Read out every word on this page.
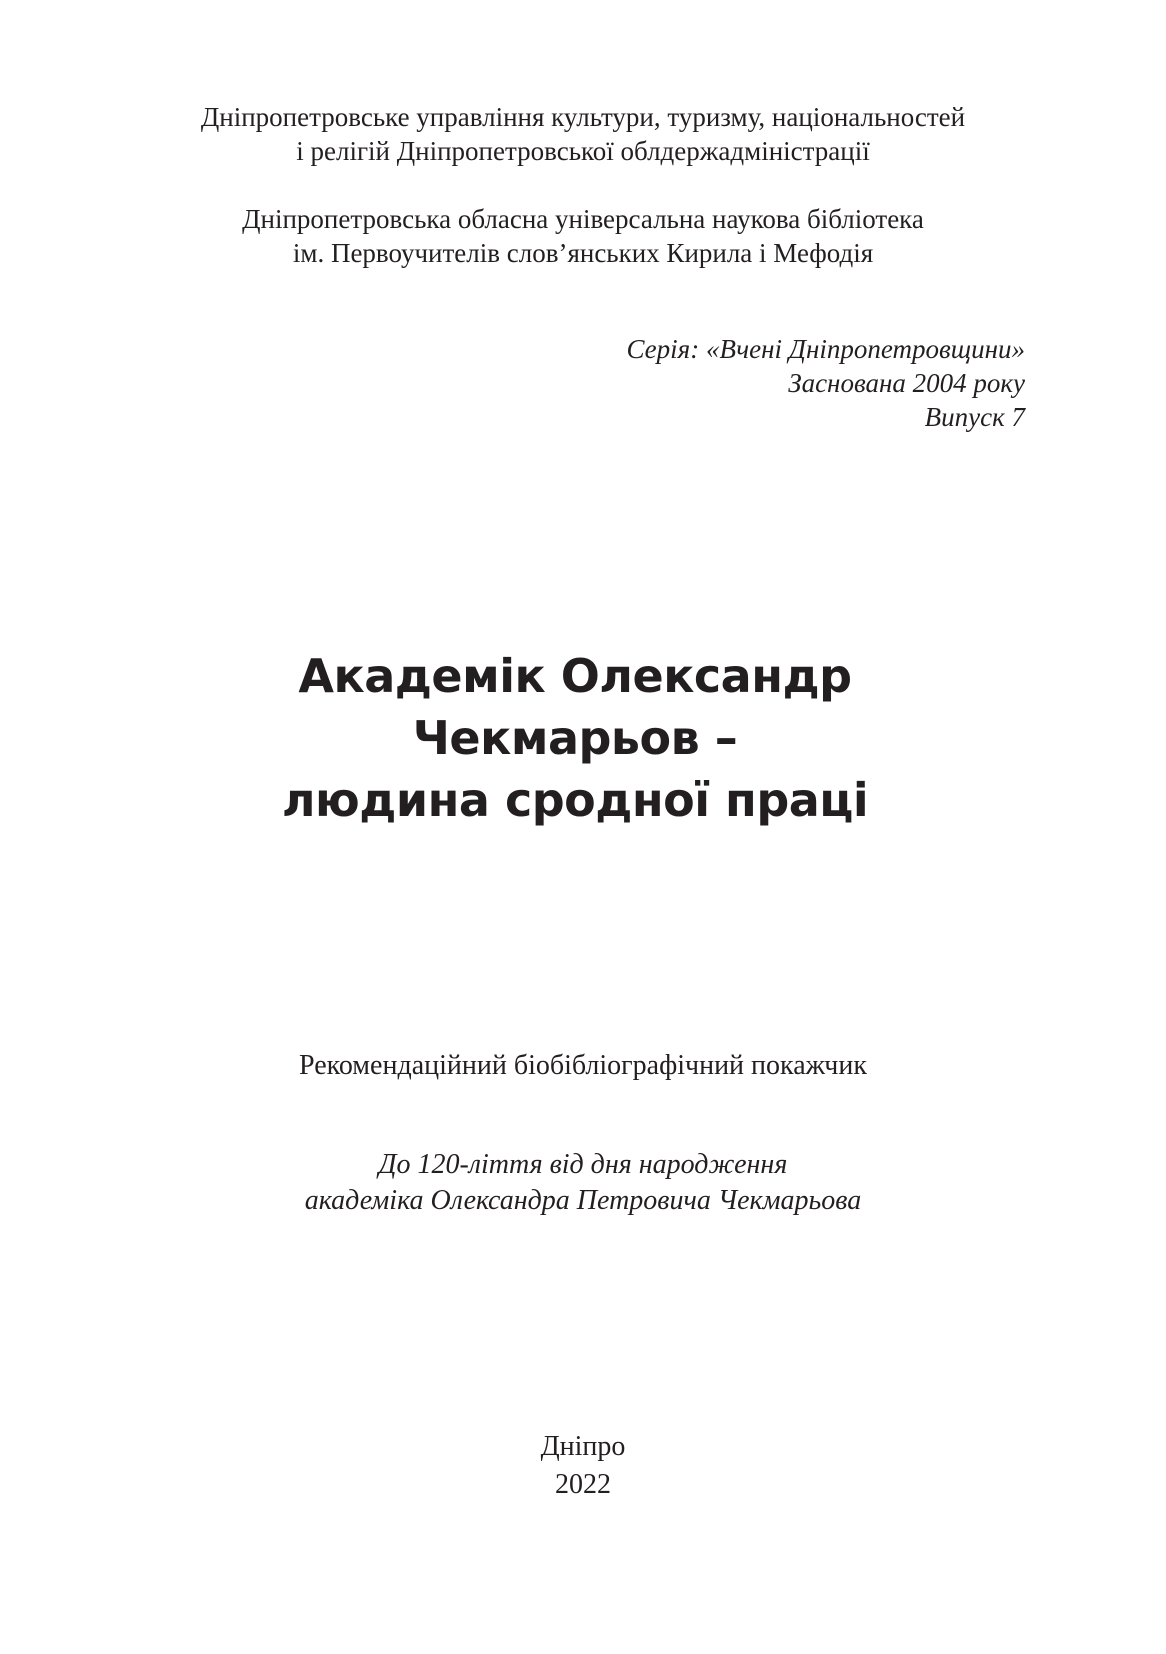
Дніпропетровське управління культури, туризму, національностей
і релігій Дніпропетровської облдержадміністрації
Дніпропетровська обласна універсальна наукова бібліотека
ім. Первоучителів слов’янських Кирила і Мефодія
Серія: «Вчені Дніпропетровщини»
Заснована 2004 року
Випуск 7
Академік Олександр
Чекмарьов –
людина сродної праці
Рекомендаційний біобібліографічний покажчик
До 120-ліття від дня народження
академіка Олександра Петровича Чекмарьова
Дніпро
2022
